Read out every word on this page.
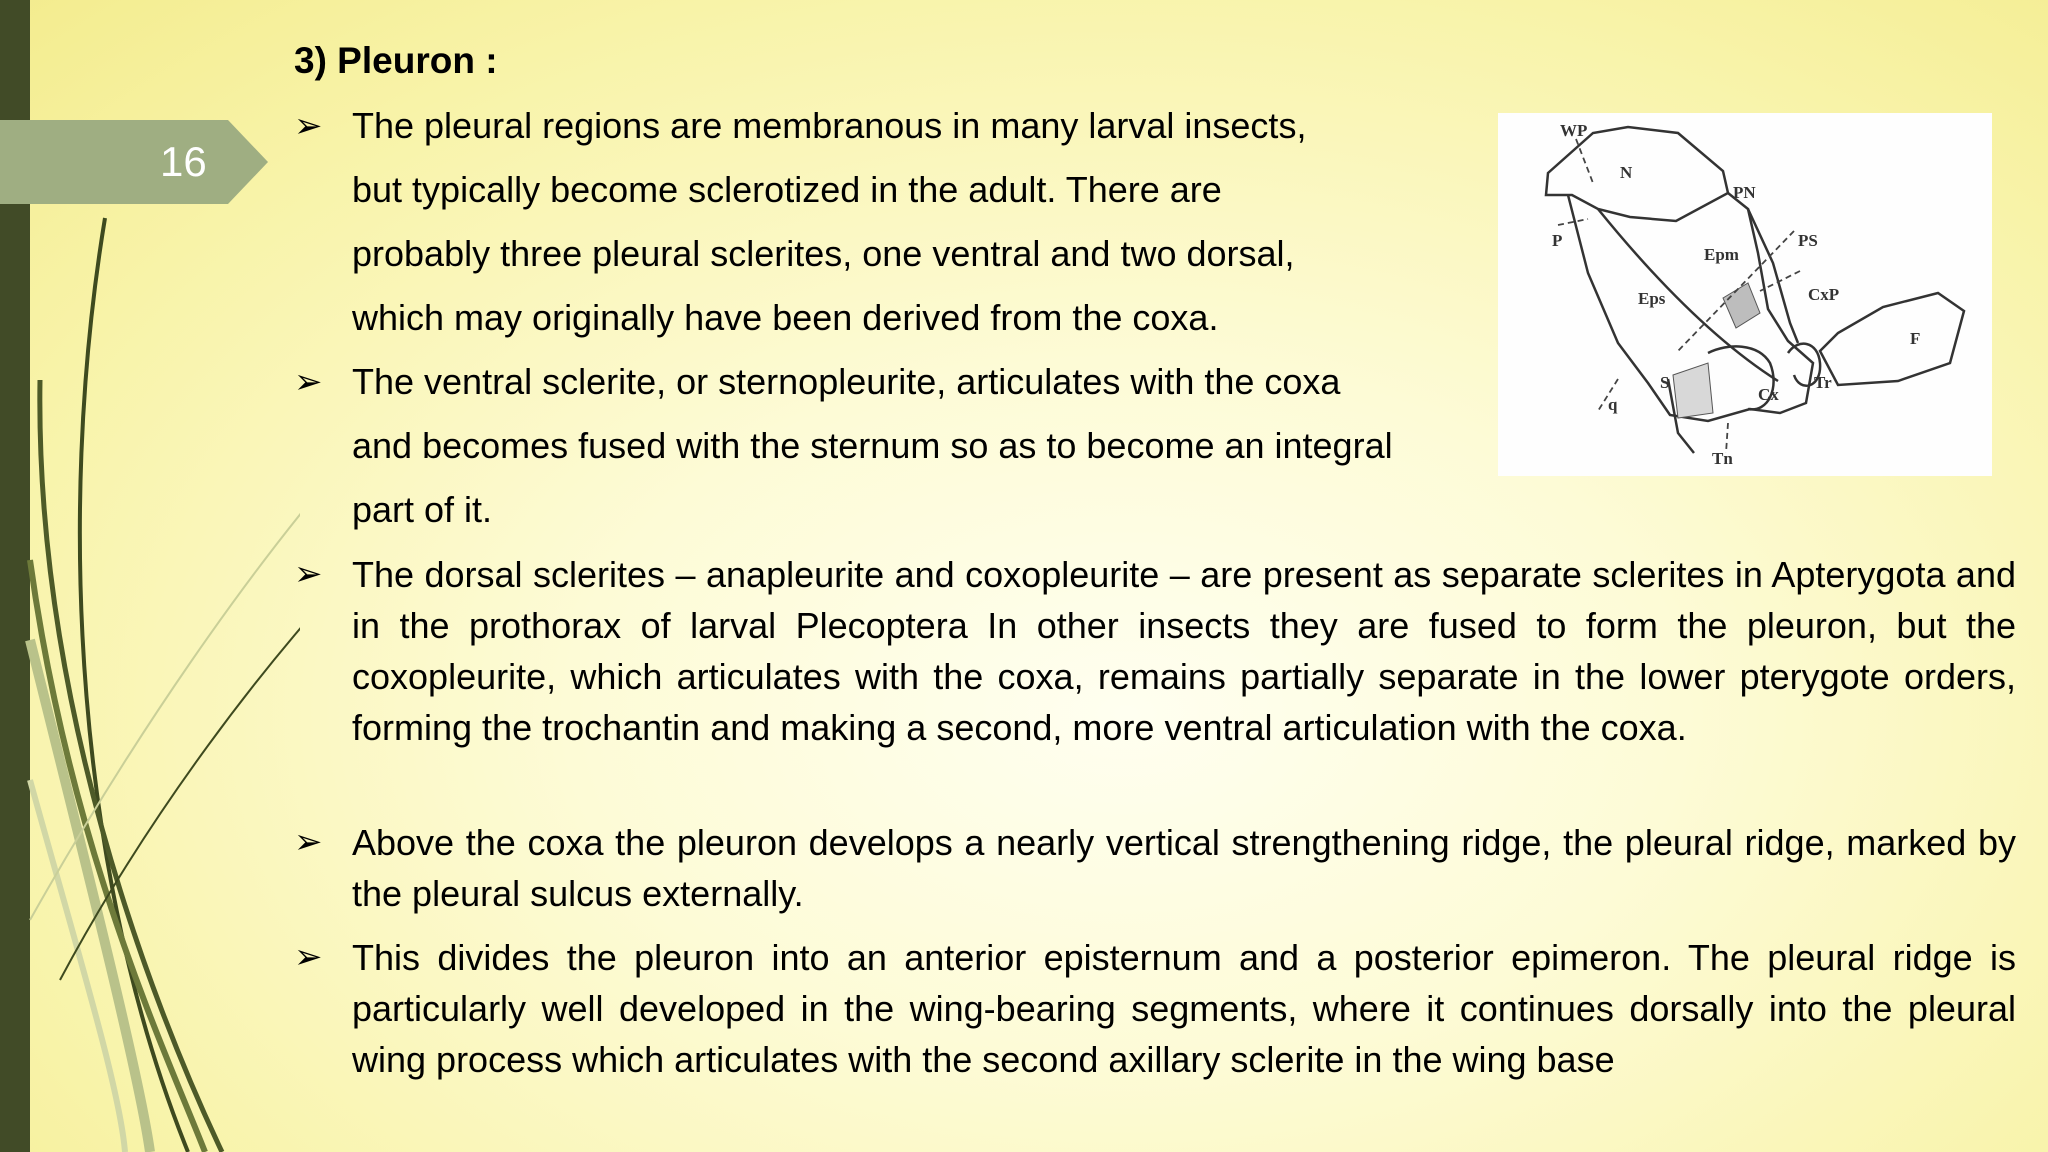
16
3) Pleuron :
➢
➢
➢
➢
➢
The pleural regions are membranous in many larval insects,
but typically become sclerotized in the adult. There are
probably three pleural sclerites, one ventral and two dorsal,
which may originally have been derived from the coxa.
The ventral sclerite, or sternopleurite, articulates with the coxa
and becomes fused with the sternum so as to become an integral
part of it.
The dorsal sclerites – anapleurite and coxopleurite – are present as separate sclerites in Apterygota and in the prothorax of larval Plecoptera In other insects they are fused to form the pleuron, but the coxopleurite, which articulates with the coxa, remains partially separate in the lower pterygote orders, forming the trochantin and making a second, more ventral articulation with the coxa.
Above the coxa the pleuron develops a nearly vertical strengthening ridge, the pleural ridge, marked by the pleural sulcus externally.
This divides the pleuron into an anterior episternum and a posterior epimeron. The pleural ridge is particularly well developed in the wing-bearing segments, where it continues dorsally into the pleural wing process which articulates with the second axillary sclerite in the wing base
WP
N
PN
P	PS
Epm
Eps	CxP
F
S
q
Cx
Tr
Tn
